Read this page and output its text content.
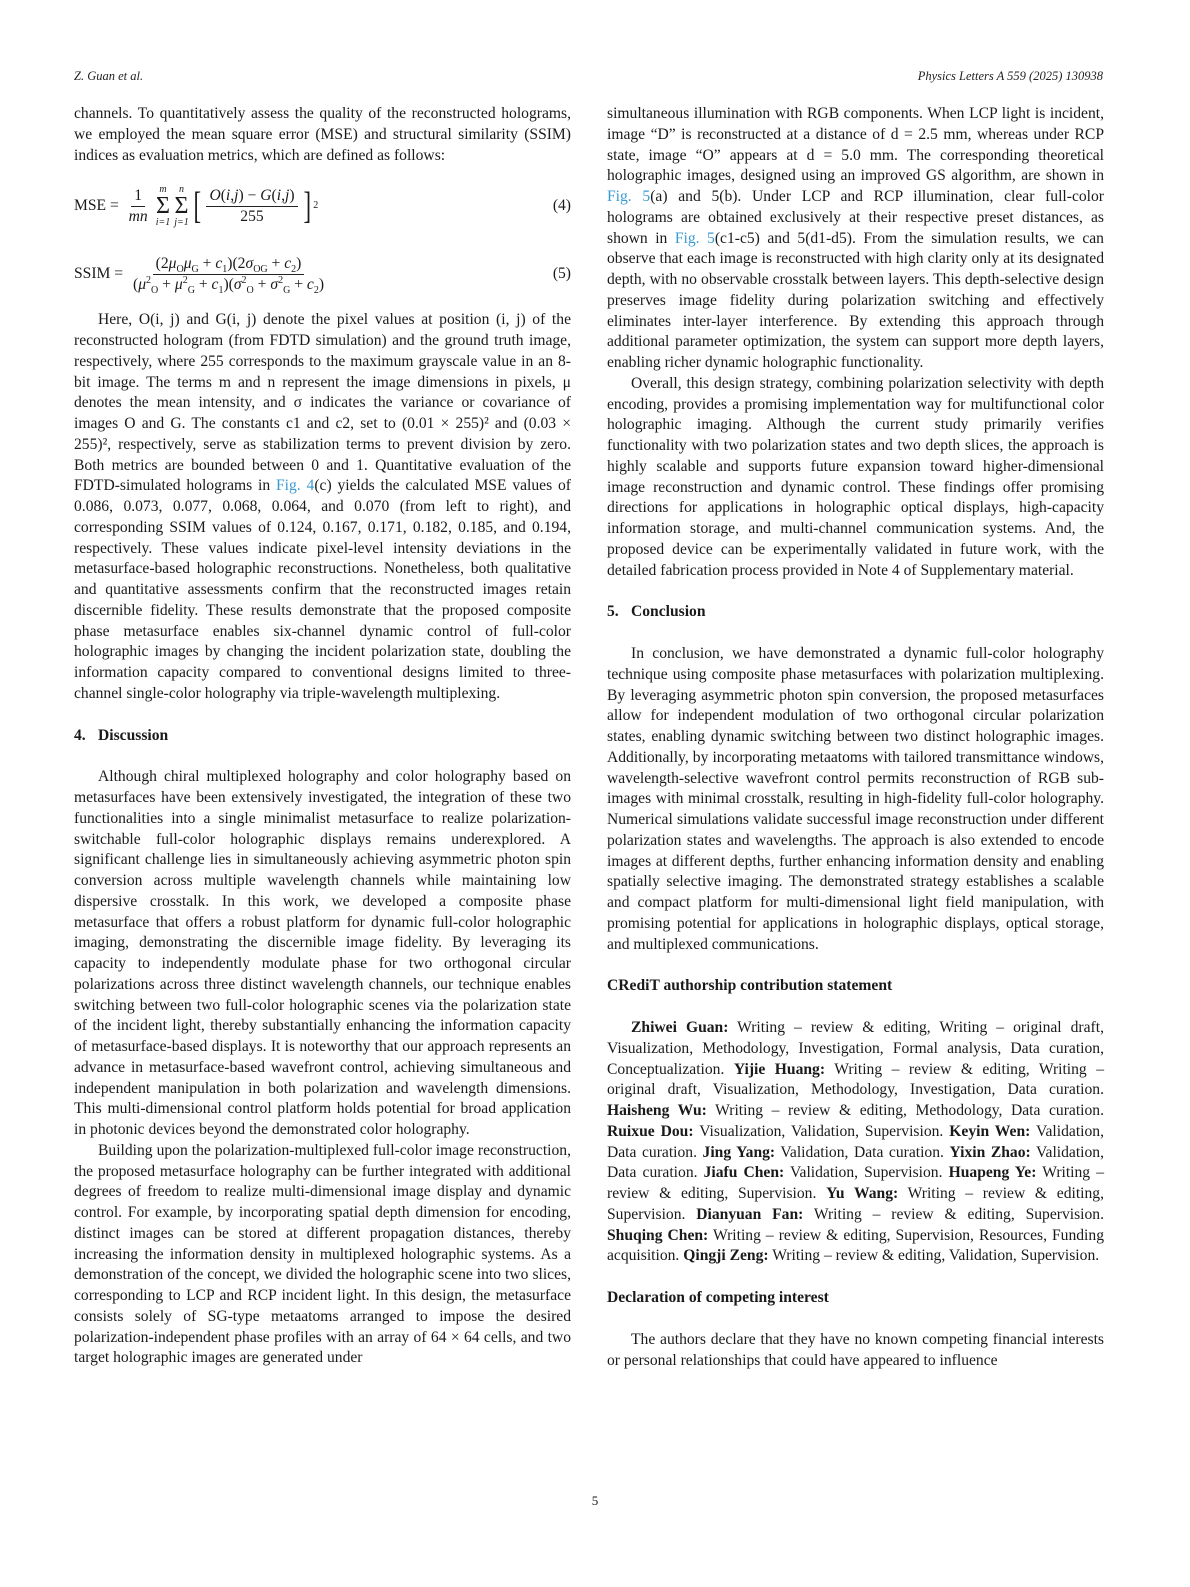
Z. Guan et al.	Physics Letters A 559 (2025) 130938

channels. To quantitatively assess the quality of the reconstructed holograms, we employed the mean square error (MSE) and structural similarity (SSIM) indices as evaluation metrics, which are defined as follows:

MSE = $\frac{1}{mn}$ m
Σ
i=1
n
Σ
j=1 [ $\frac{O(i,j) - G(i,j)}{255}$ ] 2	(4)
SSIM = $\frac{(2\mu_O\mu_G + c_1)(2\sigma_{OG} + c_2)}{(\mu^2_O + \mu^2_G + c_1)(\sigma^2_O + \sigma^2_G + c_2)}$	(5)

Here, O(i, j) and G(i, j) denote the pixel values at position (i, j) of the reconstructed hologram (from FDTD simulation) and the ground truth image, respectively, where 255 corresponds to the maximum grayscale value in an 8-bit image. The terms m and n represent the image dimensions in pixels, μ denotes the mean intensity, and σ indicates the variance or covariance of images O and G. The constants c1 and c2, set to (0.01 × 255)² and (0.03 × 255)², respectively, serve as stabilization terms to prevent division by zero. Both metrics are bounded between 0 and 1. Quantitative evaluation of the FDTD-simulated holograms in Fig. 4(c) yields the calculated MSE values of 0.086, 0.073, 0.077, 0.068, 0.064, and 0.070 (from left to right), and corresponding SSIM values of 0.124, 0.167, 0.171, 0.182, 0.185, and 0.194, respectively. These values indicate pixel-level intensity deviations in the metasurface-based holographic reconstructions. Nonetheless, both qualitative and quantitative assessments confirm that the reconstructed images retain discernible fidelity. These results demonstrate that the proposed composite phase metasurface enables six-channel dynamic control of full-color holographic images by changing the incident polarization state, doubling the information capacity compared to conventional designs limited to three-channel single-color holography via triple-wavelength multiplexing.

4. Discussion

Although chiral multiplexed holography and color holography based on metasurfaces have been extensively investigated, the integration of these two functionalities into a single minimalist metasurface to realize polarization-switchable full-color holographic displays remains underexplored. A significant challenge lies in simultaneously achieving asymmetric photon spin conversion across multiple wavelength channels while maintaining low dispersive crosstalk. In this work, we developed a composite phase metasurface that offers a robust platform for dynamic full-color holographic imaging, demonstrating the discernible image fidelity. By leveraging its capacity to independently modulate phase for two orthogonal circular polarizations across three distinct wavelength channels, our technique enables switching between two full-color holographic scenes via the polarization state of the incident light, thereby substantially enhancing the information capacity of metasurface-based displays. It is noteworthy that our approach represents an advance in metasurface-based wavefront control, achieving simultaneous and independent manipulation in both polarization and wavelength dimensions. This multi-dimensional control platform holds potential for broad application in photonic devices beyond the demonstrated color holography.

Building upon the polarization-multiplexed full-color image reconstruction, the proposed metasurface holography can be further integrated with additional degrees of freedom to realize multi-dimensional image display and dynamic control. For example, by incorporating spatial depth dimension for encoding, distinct images can be stored at different propagation distances, thereby increasing the information density in multiplexed holographic systems. As a demonstration of the concept, we divided the holographic scene into two slices, corresponding to LCP and RCP incident light. In this design, the metasurface consists solely of SG-type metaatoms arranged to impose the desired polarization-independent phase profiles with an array of 64 × 64 cells, and two target holographic images are generated under

simultaneous illumination with RGB components. When LCP light is incident, image “D” is reconstructed at a distance of d = 2.5 mm, whereas under RCP state, image “O” appears at d = 5.0 mm. The corresponding theoretical holographic images, designed using an improved GS algorithm, are shown in Fig. 5(a) and 5(b). Under LCP and RCP illumination, clear full-color holograms are obtained exclusively at their respective preset distances, as shown in Fig. 5(c1-c5) and 5(d1-d5). From the simulation results, we can observe that each image is reconstructed with high clarity only at its designated depth, with no observable crosstalk between layers. This depth-selective design preserves image fidelity during polarization switching and effectively eliminates inter-layer interference. By extending this approach through additional parameter optimization, the system can support more depth layers, enabling richer dynamic holographic functionality.

Overall, this design strategy, combining polarization selectivity with depth encoding, provides a promising implementation way for multifunctional color holographic imaging. Although the current study primarily verifies functionality with two polarization states and two depth slices, the approach is highly scalable and supports future expansion toward higher-dimensional image reconstruction and dynamic control. These findings offer promising directions for applications in holographic optical displays, high-capacity information storage, and multi-channel communication systems. And, the proposed device can be experimentally validated in future work, with the detailed fabrication process provided in Note 4 of Supplementary material.

5. Conclusion

In conclusion, we have demonstrated a dynamic full-color holography technique using composite phase metasurfaces with polarization multiplexing. By leveraging asymmetric photon spin conversion, the proposed metasurfaces allow for independent modulation of two orthogonal circular polarization states, enabling dynamic switching between two distinct holographic images. Additionally, by incorporating metaatoms with tailored transmittance windows, wavelength-selective wavefront control permits reconstruction of RGB sub-images with minimal crosstalk, resulting in high-fidelity full-color holography. Numerical simulations validate successful image reconstruction under different polarization states and wavelengths. The approach is also extended to encode images at different depths, further enhancing information density and enabling spatially selective imaging. The demonstrated strategy establishes a scalable and compact platform for multi-dimensional light field manipulation, with promising potential for applications in holographic displays, optical storage, and multiplexed communications.

CRediT authorship contribution statement

Zhiwei Guan: Writing – review & editing, Writing – original draft, Visualization, Methodology, Investigation, Formal analysis, Data curation, Conceptualization. Yijie Huang: Writing – review & editing, Writing – original draft, Visualization, Methodology, Investigation, Data curation. Haisheng Wu: Writing – review & editing, Methodology, Data curation. Ruixue Dou: Visualization, Validation, Supervision. Keyin Wen: Validation, Data curation. Jing Yang: Validation, Data curation. Yixin Zhao: Validation, Data curation. Jiafu Chen: Validation, Supervision. Huapeng Ye: Writing – review & editing, Supervision. Yu Wang: Writing – review & editing, Supervision. Dianyuan Fan: Writing – review & editing, Supervision. Shuqing Chen: Writing – review & editing, Supervision, Resources, Funding acquisition. Qingji Zeng: Writing – review & editing, Validation, Supervision.

Declaration of competing interest

The authors declare that they have no known competing financial interests or personal relationships that could have appeared to influence

5
